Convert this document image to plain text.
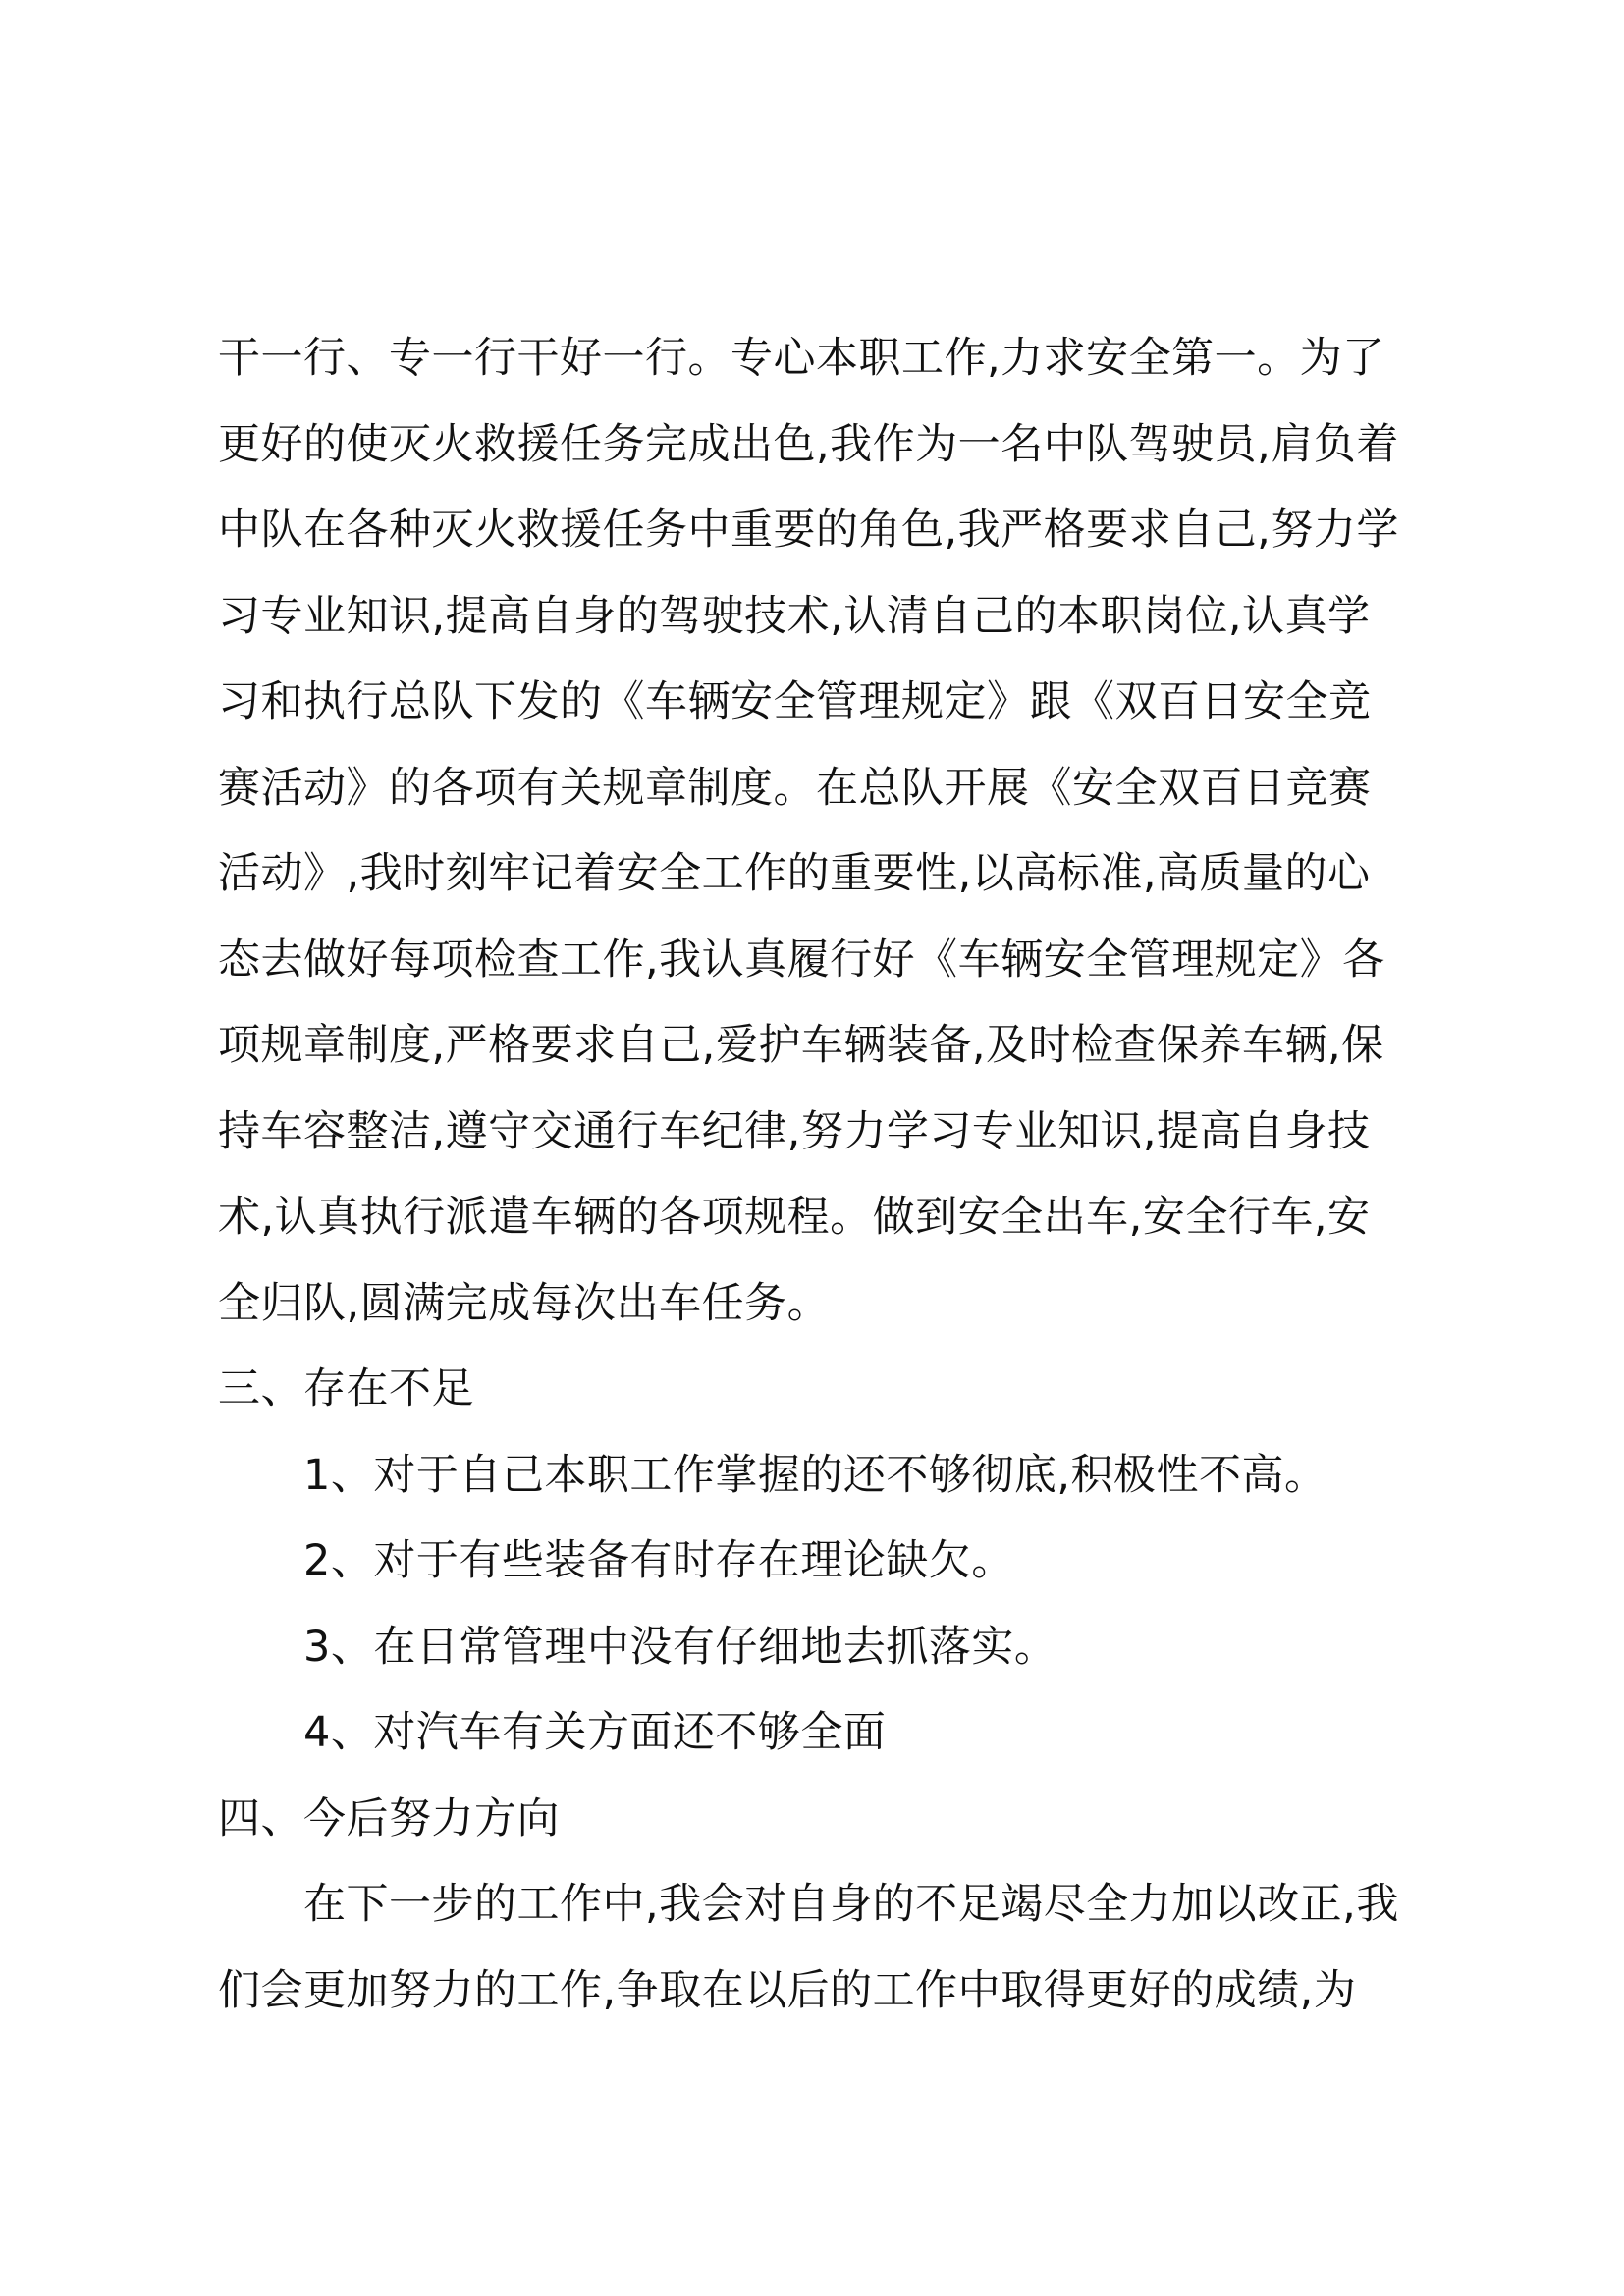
干一行、专一行干好一行。专心本职工作,力求安全第一。为了
更好的使灭火救援任务完成出色,我作为一名中队驾驶员,肩负着
中队在各种灭火救援任务中重要的角色,我严格要求自己,努力学
习专业知识,提高自身的驾驶技术,认清自己的本职岗位,认真学
习和执行总队下发的《车辆安全管理规定》跟《双百日安全竞
赛活动》的各项有关规章制度。在总队开展《安全双百日竞赛
活动》,我时刻牢记着安全工作的重要性,以高标准,高质量的心
态去做好每项检查工作,我认真履行好《车辆安全管理规定》各
项规章制度,严格要求自己,爱护车辆装备,及时检查保养车辆,保
持车容整洁,遵守交通行车纪律,努力学习专业知识,提高自身技
术,认真执行派遣车辆的各项规程。做到安全出车,安全行车,安
全归队,圆满完成每次出车任务。
三、存在不足
1、对于自己本职工作掌握的还不够彻底,积极性不高。
2、对于有些装备有时存在理论缺欠。
3、在日常管理中没有仔细地去抓落实。
4、对汽车有关方面还不够全面
四、今后努力方向
在下一步的工作中,我会对自身的不足竭尽全力加以改正,我
们会更加努力的工作,争取在以后的工作中取得更好的成绩,为
